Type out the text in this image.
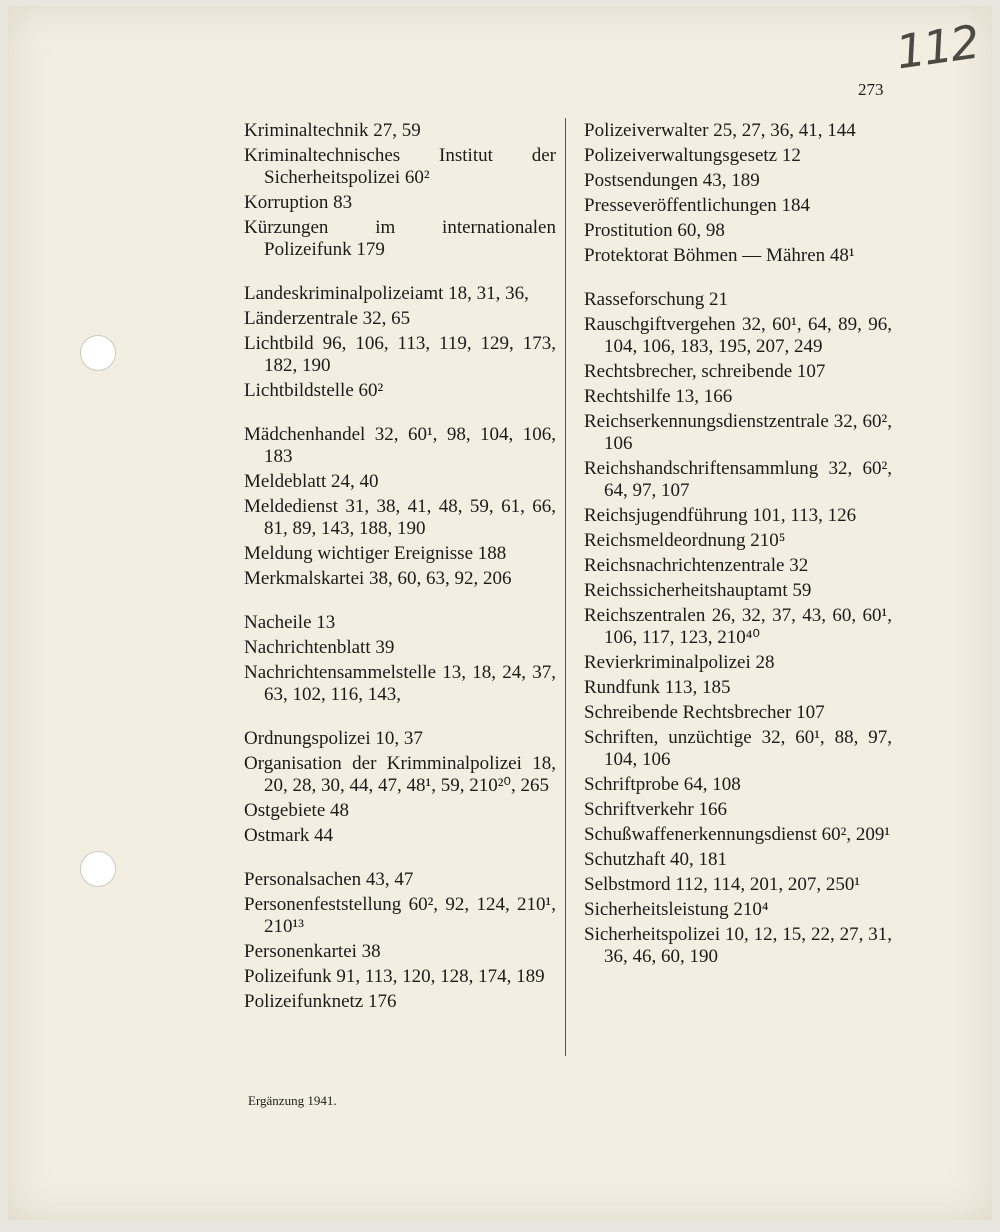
112
273

Kriminaltechnik 27, 59

Kriminaltechnisches Institut der Sicherheitspolizei 60²

Korruption 83

Kürzungen im internationalen Polizeifunk 179

Landeskriminalpolizeiamt 18, 31, 36,

Länderzentrale 32, 65

Lichtbild 96, 106, 113, 119, 129, 173, 182, 190

Lichtbildstelle 60²

Mädchenhandel 32, 60¹, 98, 104, 106, 183

Meldeblatt 24, 40

Meldedienst 31, 38, 41, 48, 59, 61, 66, 81, 89, 143, 188, 190

Meldung wichtiger Ereignisse 188

Merkmalskartei 38, 60, 63, 92, 206

Nacheile 13

Nachrichtenblatt 39

Nachrichtensammelstelle 13, 18, 24, 37, 63, 102, 116, 143,

Ordnungspolizei 10, 37

Organisation der Krimminalpolizei 18, 20, 28, 30, 44, 47, 48¹, 59, 210²⁰, 265

Ostgebiete 48

Ostmark 44

Personalsachen 43, 47

Personenfeststellung 60², 92, 124, 210¹, 210¹³

Personenkartei 38

Polizeifunk 91, 113, 120, 128, 174, 189

Polizeifunknetz 176

Polizeiverwalter 25, 27, 36, 41, 144

Polizeiverwaltungsgesetz 12

Postsendungen 43, 189

Presseveröffentlichungen 184

Prostitution 60, 98

Protektorat Böhmen — Mähren 48¹

Rasseforschung 21

Rauschgiftvergehen 32, 60¹, 64, 89, 96, 104, 106, 183, 195, 207, 249

Rechtsbrecher, schreibende 107

Rechtshilfe 13, 166

Reichserkennungsdienstzentrale 32, 60², 106

Reichshandschriftensammlung 32, 60², 64, 97, 107

Reichsjugendführung 101, 113, 126

Reichsmeldeordnung 210⁵

Reichsnachrichtenzentrale 32

Reichssicherheitshauptamt 59

Reichszentralen 26, 32, 37, 43, 60, 60¹, 106, 117, 123, 210⁴⁰

Revierkriminalpolizei 28

Rundfunk 113, 185

Schreibende Rechtsbrecher 107

Schriften, unzüchtige 32, 60¹, 88, 97, 104, 106

Schriftprobe 64, 108

Schriftverkehr 166

Schußwaffenerkennungsdienst 60², 209¹

Schutzhaft 40, 181

Selbstmord 112, 114, 201, 207, 250¹

Sicherheitsleistung 210⁴

Sicherheitspolizei 10, 12, 15, 22, 27, 31, 36, 46, 60, 190

Ergänzung 1941.
